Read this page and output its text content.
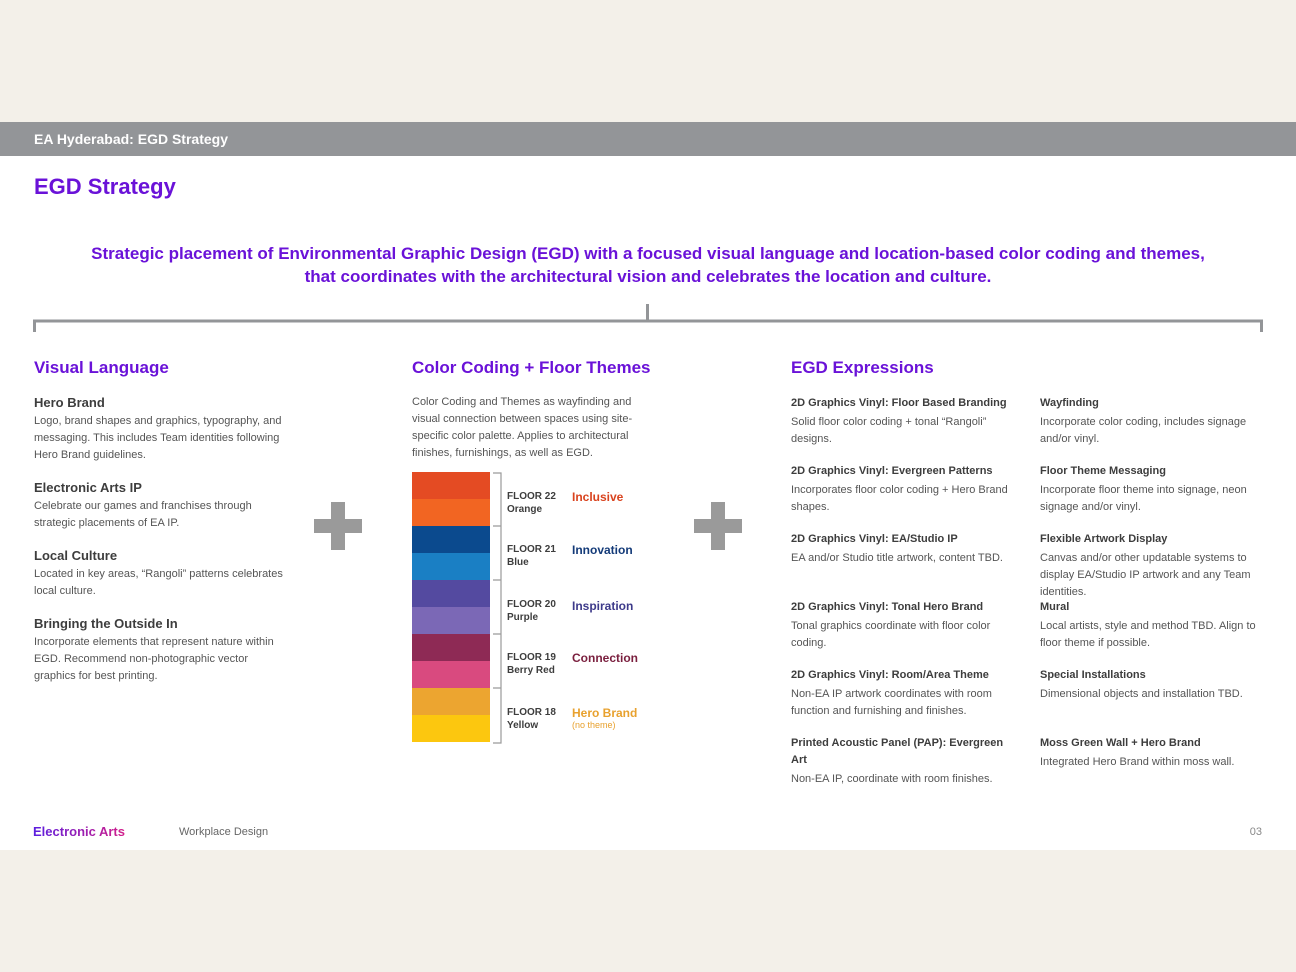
EA Hyderabad: EGD Strategy
EGD Strategy
Strategic placement of Environmental Graphic Design (EGD) with a focused visual language and location-based color coding and themes,
that coordinates with the architectural vision and celebrates the location and culture.
Visual Language
Hero Brand

Logo, brand shapes and graphics, typography, and messaging. This includes Team identities following Hero Brand guidelines.

Electronic Arts IP

Celebrate our games and franchises through strategic placements of EA IP.

Local Culture

Located in key areas, “Rangoli” patterns celebrates local culture.

Bringing the Outside In

Incorporate elements that represent nature within EGD. Recommend non-photographic vector graphics for best printing.

Color Coding + Floor Themes

Color Coding and Themes as wayfinding and visual connection between spaces using site-specific color palette. Applies to architectural finishes, furnishings, as well as EGD.

FLOOR 22
Orange
Inclusive
FLOOR 21
Blue
Innovation
FLOOR 20
Purple
Inspiration
FLOOR 19
Berry Red
Connection
FLOOR 18
Yellow
Hero Brand
(no theme)
EGD Expressions
2D Graphics Vinyl: Floor Based Branding

Solid floor color coding + tonal “Rangoli” designs.

2D Graphics Vinyl: Evergreen Patterns

Incorporates floor color coding + Hero Brand shapes.

2D Graphics Vinyl: EA/Studio IP

EA and/or Studio title artwork, content TBD.

2D Graphics Vinyl: Tonal Hero Brand

Tonal graphics coordinate with floor color coding.

2D Graphics Vinyl: Room/Area Theme

Non-EA IP artwork coordinates with room function and furnishing and finishes.

Printed Acoustic Panel (PAP): Evergreen Art

Non-EA IP, coordinate with room finishes.

Wayfinding

Incorporate color coding, includes signage and/or vinyl.

Floor Theme Messaging

Incorporate floor theme into signage, neon signage and/or vinyl.

Flexible Artwork Display

Canvas and/or other updatable systems to display EA/Studio IP artwork and any Team identities.

Mural

Local artists, style and method TBD. Align to floor theme if possible.

Special Installations

Dimensional objects and installation TBD.

Moss Green Wall + Hero Brand

Integrated Hero Brand within moss wall.

Electronic Arts	Workplace Design	03
